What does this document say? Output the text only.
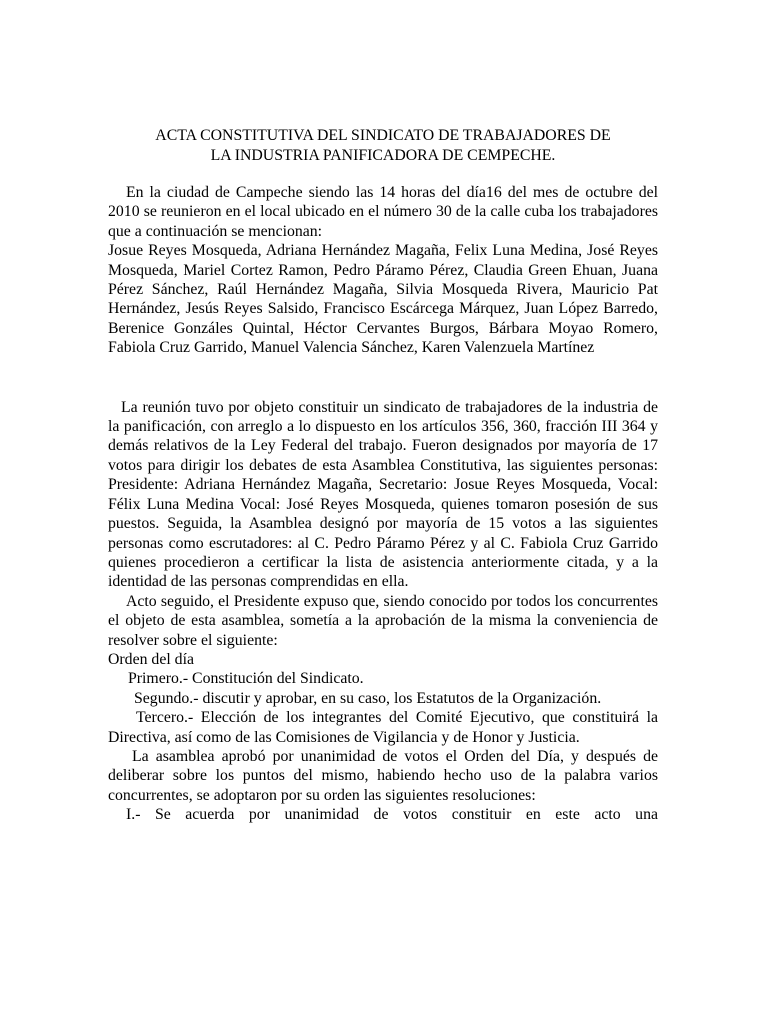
ACTA CONSTITUTIVA DEL SINDICATO DE TRABAJADORES DE
LA INDUSTRIA PANIFICADORA DE CEMPECHE.

En la ciudad de Campeche siendo las 14 horas del día16 del mes de octubre del 2010 se reunieron en el local ubicado en el número 30 de la calle cuba los trabajadores que a continuación se mencionan:

Josue Reyes Mosqueda, Adriana Hernández Magaña, Felix Luna Medina, José Reyes Mosqueda, Mariel Cortez Ramon, Pedro Páramo Pérez, Claudia Green Ehuan, Juana Pérez Sánchez, Raúl Hernández Magaña, Silvia Mosqueda Rivera, Mauricio Pat Hernández, Jesús Reyes Salsido, Francisco Escárcega Márquez, Juan López Barredo, Berenice Gonzáles Quintal, Héctor Cervantes Burgos, Bárbara Moyao Romero, Fabiola Cruz Garrido, Manuel Valencia Sánchez, Karen Valenzuela Martínez

La reunión tuvo por objeto constituir un sindicato de trabajadores de la industria de la panificación, con arreglo a lo dispuesto en los artículos 356, 360, fracción III 364 y demás relativos de la Ley Federal del trabajo. Fueron designados por mayoría de 17 votos para dirigir los debates de esta Asamblea Constitutiva, las siguientes personas: Presidente: Adriana Hernández Magaña, Secretario: Josue Reyes Mosqueda, Vocal: Félix Luna Medina Vocal: José Reyes Mosqueda, quienes tomaron posesión de sus puestos. Seguida, la Asamblea designó por mayoría de 15 votos a las siguientes personas como escrutadores: al C. Pedro Páramo Pérez y al C. Fabiola Cruz Garrido quienes procedieron a certificar la lista de asistencia anteriormente citada, y a la identidad de las personas comprendidas en ella.

Acto seguido, el Presidente expuso que, siendo conocido por todos los concurrentes el objeto de esta asamblea, sometía a la aprobación de la misma la conveniencia de resolver sobre el siguiente:

Orden del día

Primero.- Constitución del Sindicato.

Segundo.- discutir y aprobar, en su caso, los Estatutos de la Organización.

Tercero.- Elección de los integrantes del Comité Ejecutivo, que constituirá la Directiva, así como de las Comisiones de Vigilancia y de Honor y Justicia.

La asamblea aprobó por unanimidad de votos el Orden del Día, y después de deliberar sobre los puntos del mismo, habiendo hecho uso de la palabra varios concurrentes, se adoptaron por su orden las siguientes resoluciones:

I.- Se acuerda por unanimidad de votos constituir en este acto una
